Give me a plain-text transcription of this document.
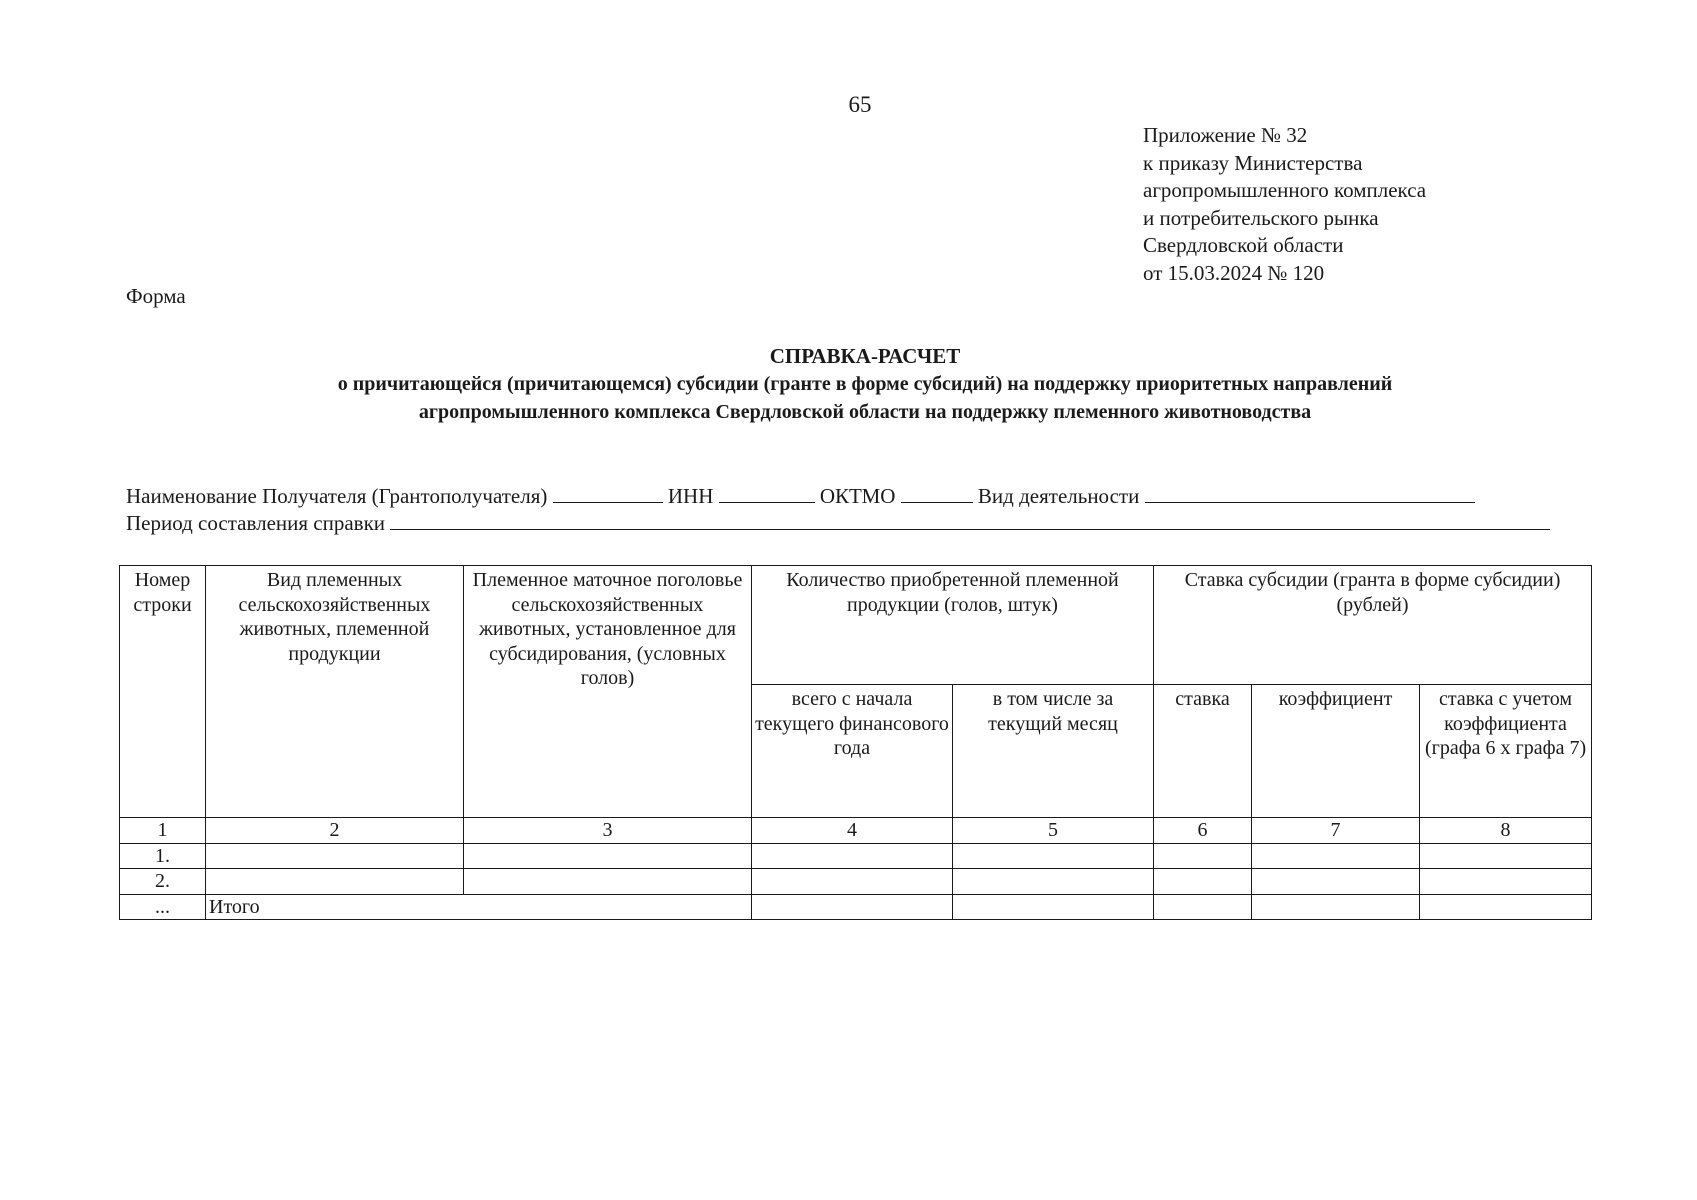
65
Приложение № 32
к приказу Министерства
агропромышленного комплекса
и потребительского рынка
Свердловской области
от 15.03.2024 № 120
Форма
СПРАВКА-РАСЧЕТ
о причитающейся (причитающемся) субсидии (гранте в форме субсидий) на поддержку приоритетных направлений
агропромышленного комплекса Свердловской области на поддержку племенного животноводства
Наименование Получателя (Грантополучателя)	ИНН	ОКТМО	Вид деятельности
Период составления справки
Номер строки	Вид племенных сельскохозяйственных животных, племенной продукции	Племенное маточное поголовье сельскохозяйственных животных, установленное для субсидирования, (условных голов)	Количество приобретенной племенной продукции (голов, штук)		Ставка субсидии (гранта в форме субсидии) (рублей)		
			всего с начала текущего финансового года	в том числе за текущий месяц	ставка	коэффициент	ставка с учетом коэффициента (графа 6 х графа 7)
1	2	3	4	5	6	7	8
1.							
2.							
...	Итого						
